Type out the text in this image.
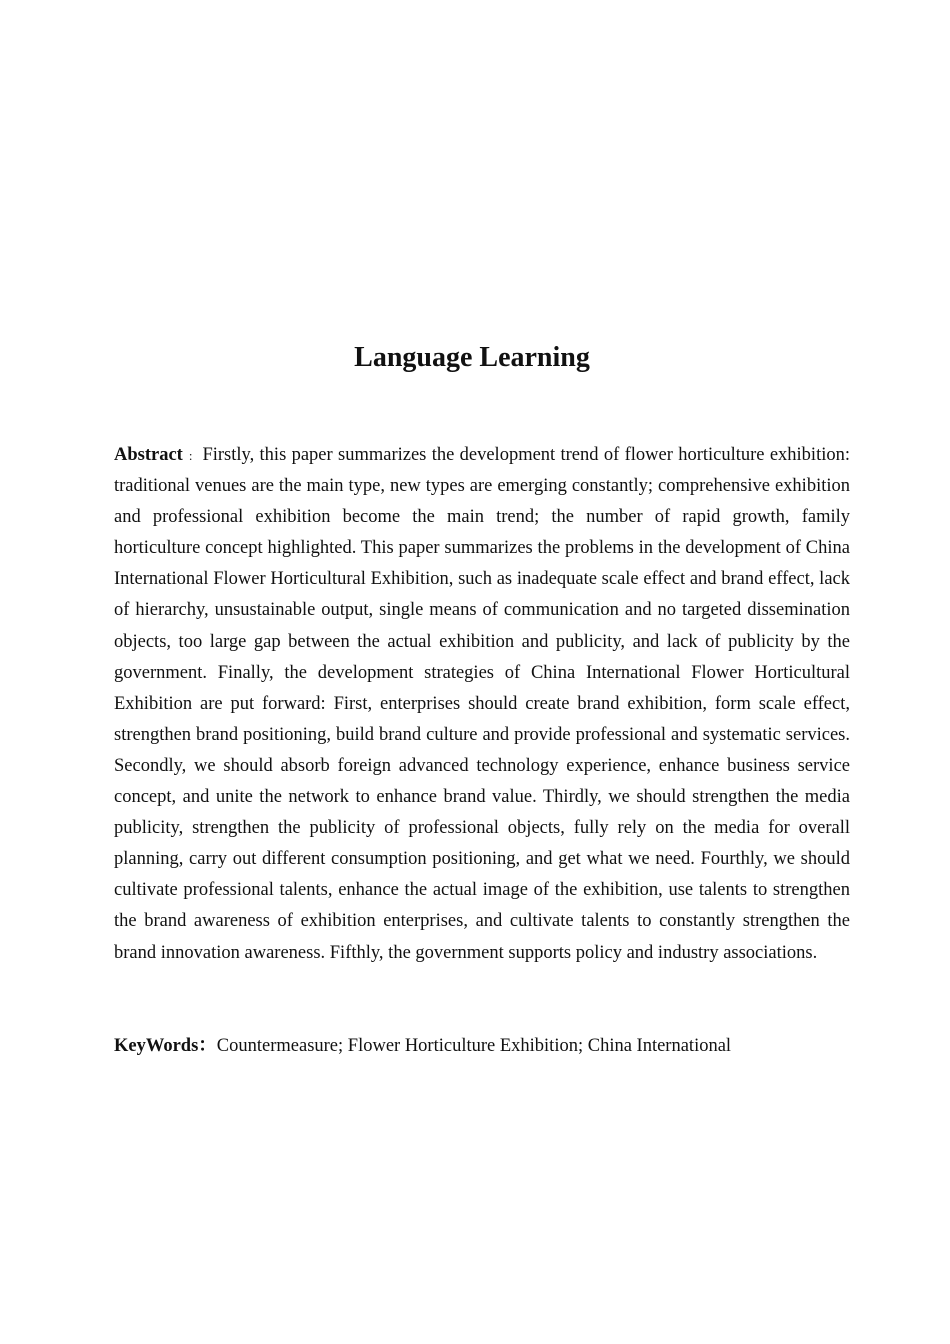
Language Learning

Abstract : Firstly, this paper summarizes the development trend of flower horticulture exhibition: traditional venues are the main type, new types are emerging constantly; comprehensive exhibition and professional exhibition become the main trend; the number of rapid growth, family horticulture concept highlighted. This paper summarizes the problems in the development of China International Flower Horticultural Exhibition, such as inadequate scale effect and brand effect, lack of hierarchy, unsustainable output, single means of communication and no targeted dissemination objects, too large gap between the actual exhibition and publicity, and lack of publicity by the government. Finally, the development strategies of China International Flower Horticultural Exhibition are put forward: First, enterprises should create brand exhibition, form scale effect, strengthen brand positioning, build brand culture and provide professional and systematic services. Secondly, we should absorb foreign advanced technology experience, enhance business service concept, and unite the network to enhance brand value. Thirdly, we should strengthen the media publicity, strengthen the publicity of professional objects, fully rely on the media for overall planning, carry out different consumption positioning, and get what we need. Fourthly, we should cultivate professional talents, enhance the actual image of the exhibition, use talents to strengthen the brand awareness of exhibition enterprises, and cultivate talents to constantly strengthen the brand innovation awareness. Fifthly, the government supports policy and industry associations.

KeyWords：Countermeasure; Flower Horticulture Exhibition; China International
